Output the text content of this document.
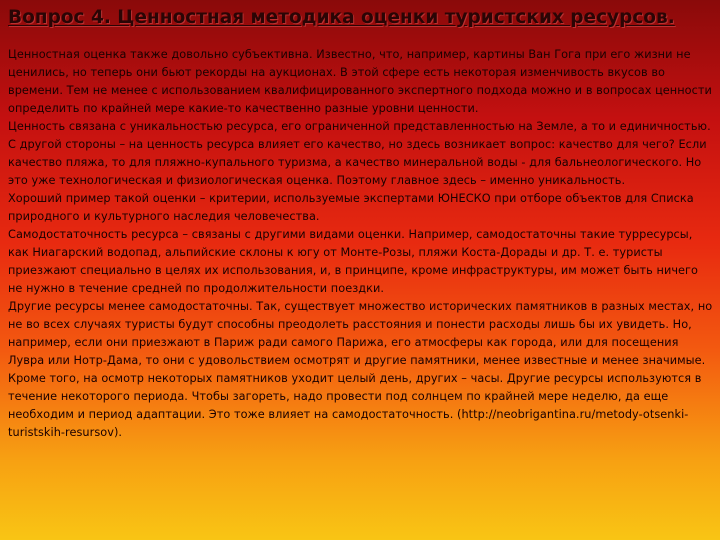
Вопрос 4. Ценностная методика оценки туристских ресурсов.

Ценностная оценка также довольно субъективна. Известно, что, например, картины Ван Гога при его жизни не ценились, но теперь они бьют рекорды на аукционах. В этой сфере есть некоторая изменчивость вкусов во времени. Тем не менее с использованием квалифицированного экспертного подхода можно и в вопросах ценности определить по крайней мере какие-то качественно разные уровни ценности.

Ценность связана с уникальностью ресурса, его ограниченной представленностью на Земле, а то и единичностью. С другой стороны – на ценность ресурса влияет его качество, но здесь возникает вопрос: качество для чего? Если качество пляжа, то для пляжно-купального туризма, а качество минеральной воды - для бальнеологического. Но это уже технологическая и физиологическая оценка. Поэтому главное здесь – именно уникальность.

Хороший пример такой оценки – критерии, используемые экспертами ЮНЕСКО при отборе объектов для Списка природного и культурного наследия человечества.

Самодостаточность ресурса – связаны с другими видами оценки. Например, самодостаточны такие турресурсы, как Ниагарский водопад, альпийские склоны к югу от Монте-Розы, пляжи Коста-Дорады и др. Т. е. туристы приезжают специально в целях их использования, и, в принципе, кроме инфраструктуры, им может быть ничего не нужно в течение средней по продолжительности поездки.

Другие ресурсы менее самодостаточны. Так, существует множество исторических памятников в разных местах, но не во всех случаях туристы будут способны преодолеть расстояния и понести расходы лишь бы их увидеть. Но, например, если они приезжают в Париж ради самого Парижа, его атмосферы как города, или для посещения Лувра или Нотр-Дама, то они с удовольствием осмотрят и другие памятники, менее известные и менее значимые.

Кроме того, на осмотр некоторых памятников уходит целый день, других – часы. Другие ресурсы используются в течение некоторого периода. Чтобы загореть, надо провести под солнцем по крайней мере неделю, да еще необходим и период адаптации. Это тоже влияет на самодостаточность. (http://neobrigantina.ru/metody-otsenki-turistskih-resursov).
